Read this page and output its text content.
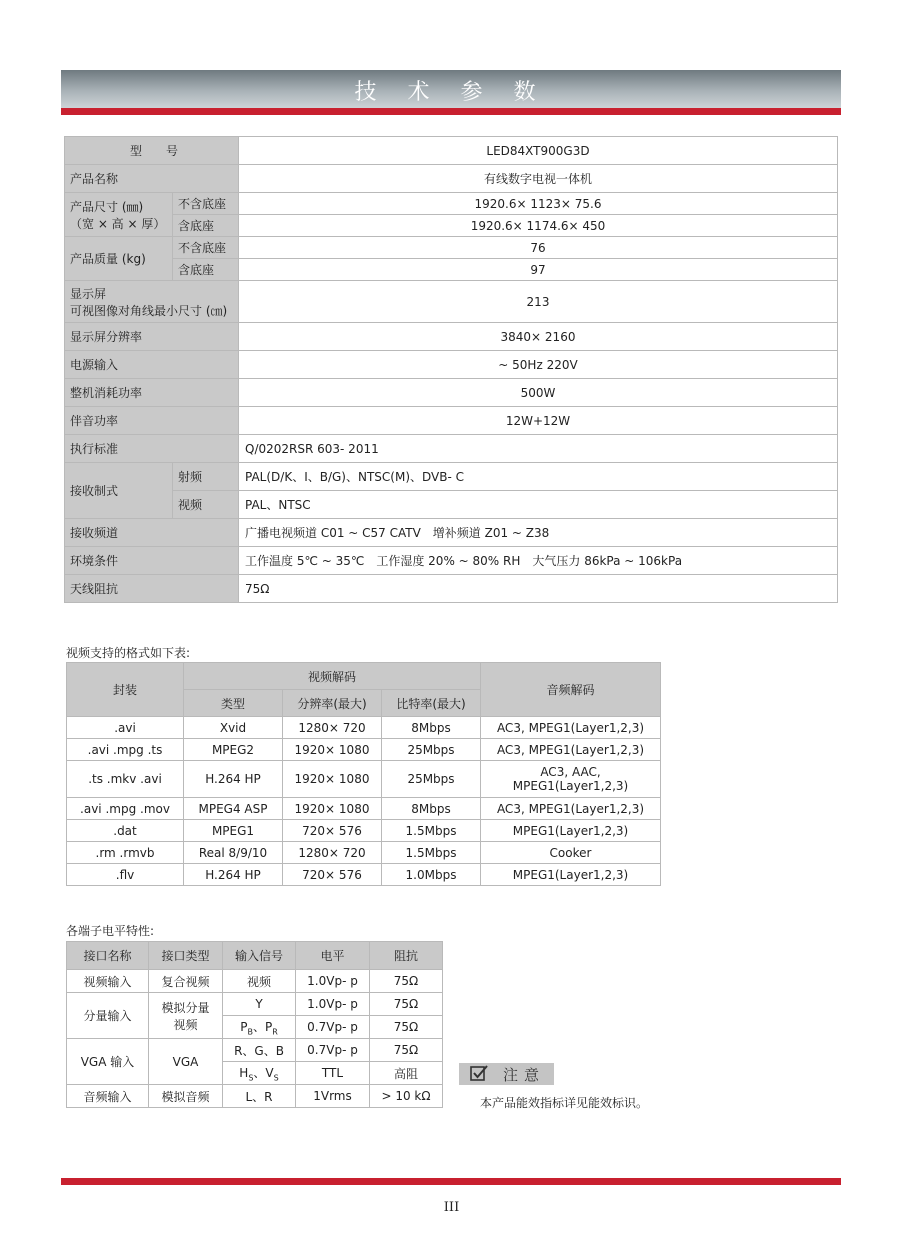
技 术 参 数
型　　号		LED84XT900G3D
产品名称		有线数字电视一体机

产品尺寸 (㎜)
（宽 × 高 × 厚）	不含底座	1920.6× 1123× 75.6
	含底座	1920.6× 1174.6× 450
产品质量 (kg)	不含底座	76
	含底座	97

显示屏
可视图像对角线最小尺寸 (㎝)		213
显示屏分辨率		3840× 2160
电源输入		~ 50Hz 220V
整机消耗功率		500W
伴音功率		12W+12W
执行标准		Q/0202RSR 603- 2011
接收制式	射频	PAL(D/K、I、B/G)、NTSC(M)、DVB- C
	视频	PAL、NTSC
接收频道		广播电视频道 C01 ~ C57 CATV　增补频道 Z01 ~ Z38
环境条件		工作温度 5℃ ~ 35℃　工作湿度 20% ~ 80% RH　大气压力 86kPa ~ 106kPa
天线阻抗		75Ω
视频支持的格式如下表:
封装	视频解码			音频解码
	类型	分辨率(最大)	比特率(最大)	
.avi	Xvid	1280× 720	8Mbps	AC3, MPEG1(Layer1,2,3)
.avi .mpg .ts	MPEG2	1920× 1080	25Mbps	AC3, MPEG1(Layer1,2,3)
.ts .mkv .avi	H.264 HP	1920× 1080	25Mbps	AC3, AAC, MPEG1(Layer1,2,3)
.avi .mpg .mov	MPEG4 ASP	1920× 1080	8Mbps	AC3, MPEG1(Layer1,2,3)
.dat	MPEG1	720× 576	1.5Mbps	MPEG1(Layer1,2,3)
.rm .rmvb	Real 8/9/10	1280× 720	1.5Mbps	Cooker
.flv	H.264 HP	720× 576	1.0Mbps	MPEG1(Layer1,2,3)
各端子电平特性:
接口名称	接口类型	输入信号	电平	阻抗
视频输入	复合视频	视频	1.0Vp- p	75Ω
分量输入	模拟分量视频	Y	1.0Vp- p	75Ω
		$P_B$、$P_R$	0.7Vp- p	75Ω
VGA 输入	VGA	R、G、B	0.7Vp- p	75Ω
		$H_S$、$V_S$	TTL	高阻
音频输入	模拟音频	L、R	1Vrms	> 10 kΩ
注意
本产品能效指标详见能效标识。
III
